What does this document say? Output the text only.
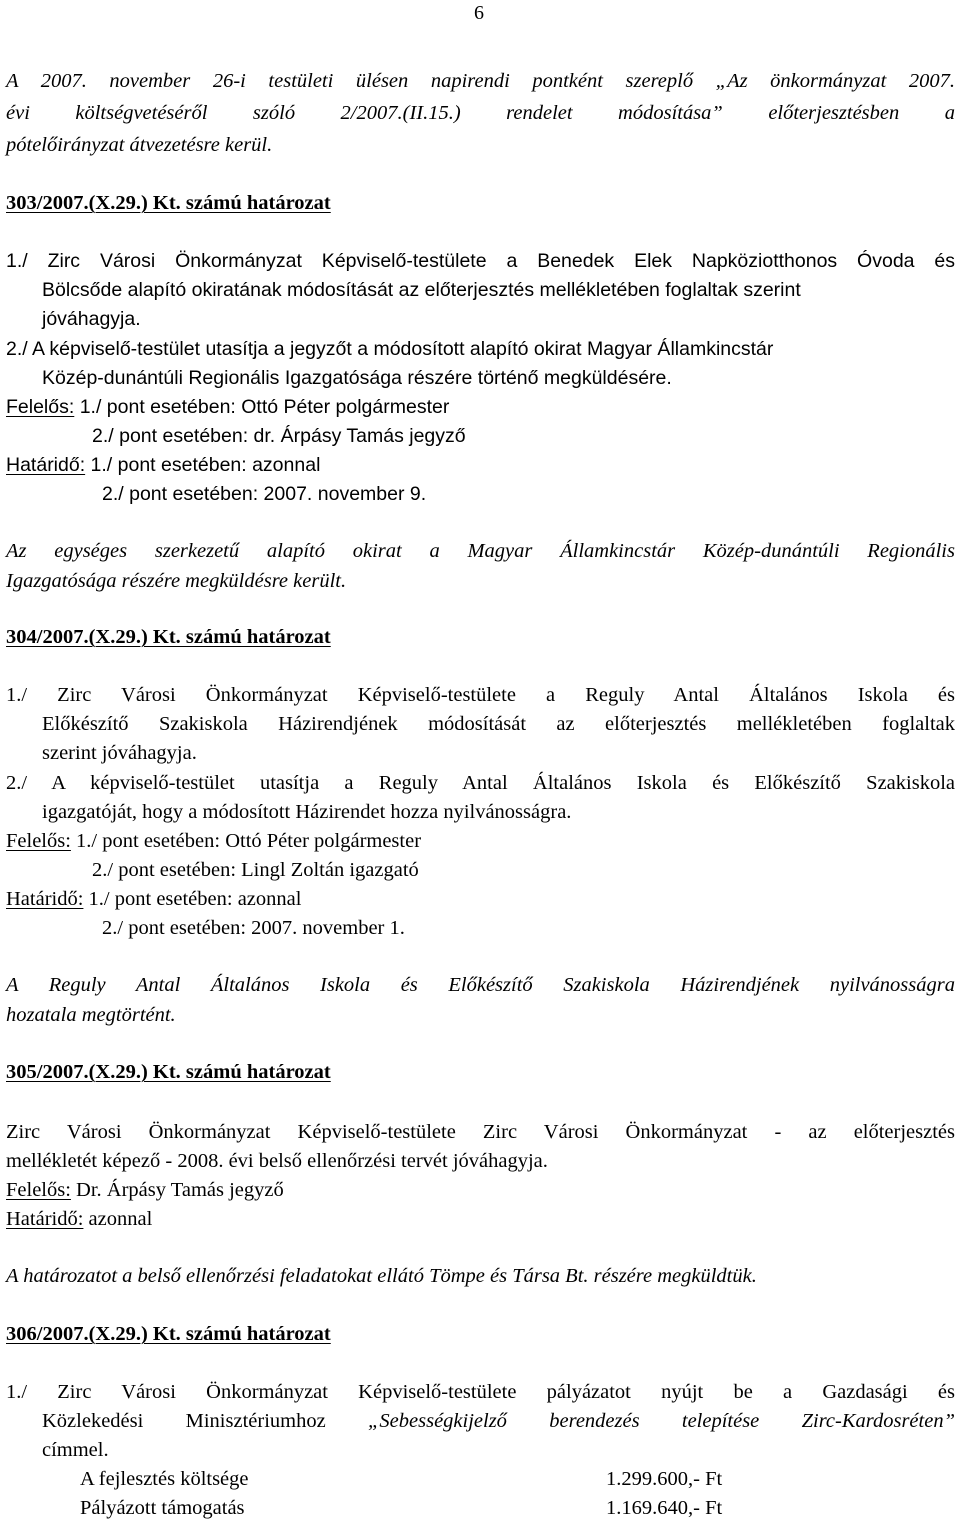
6
A 2007. november 26-i testületi ülésen napirendi pontként szereplő „Az önkormányzat 2007.
évi költségvetéséről szóló 2/2007.(II.15.) rendelet módosítása” előterjesztésben a
pótelőirányzat átvezetésre kerül.
303/2007.(X.29.) Kt. számú határozat
1./ Zirc Városi Önkormányzat Képviselő-testülete a Benedek Elek Napköziotthonos Óvoda és
Bölcsőde alapító okiratának módosítását az előterjesztés mellékletében foglaltak szerint
jóváhagyja.
2./ A képviselő-testület utasítja a jegyzőt a módosított alapító okirat Magyar Államkincstár
Közép-dunántúli Regionális Igazgatósága részére történő megküldésére.
Felelős: 1./ pont esetében: Ottó Péter polgármester
2./ pont esetében: dr. Árpásy Tamás jegyző
Határidő: 1./ pont esetében: azonnal
2./ pont esetében: 2007. november 9.
Az egységes szerkezetű alapító okirat a Magyar Államkincstár Közép-dunántúli Regionális
Igazgatósága részére megküldésre került.
304/2007.(X.29.) Kt. számú határozat
1./ Zirc Városi Önkormányzat Képviselő-testülete a Reguly Antal Általános Iskola és
Előkészítő Szakiskola Házirendjének módosítását az előterjesztés mellékletében foglaltak
szerint jóváhagyja.
2./ A képviselő-testület utasítja a Reguly Antal Általános Iskola és Előkészítő Szakiskola
igazgatóját, hogy a módosított Házirendet hozza nyilvánosságra.
Felelős: 1./ pont esetében: Ottó Péter polgármester
2./ pont esetében: Lingl Zoltán igazgató
Határidő: 1./ pont esetében: azonnal
2./ pont esetében: 2007. november 1.
A Reguly Antal Általános Iskola és Előkészítő Szakiskola Házirendjének nyilvánosságra
hozatala megtörtént.
305/2007.(X.29.) Kt. számú határozat
Zirc Városi Önkormányzat Képviselő-testülete Zirc Városi Önkormányzat - az előterjesztés
mellékletét képező - 2008. évi belső ellenőrzési tervét jóváhagyja.
Felelős: Dr. Árpásy Tamás jegyző
Határidő: azonnal
A határozatot a belső ellenőrzési feladatokat ellátó Tömpe és Társa Bt. részére megküldtük.
306/2007.(X.29.) Kt. számú határozat
1./ Zirc Városi Önkormányzat Képviselő-testülete pályázatot nyújt be a Gazdasági és
Közlekedési Minisztériumhoz „Sebességkijelző berendezés telepítése Zirc-Kardosréten”
címmel.
A fejlesztés költsége	1.299.600,- Ft
Pályázott támogatás	1.169.640,- Ft
